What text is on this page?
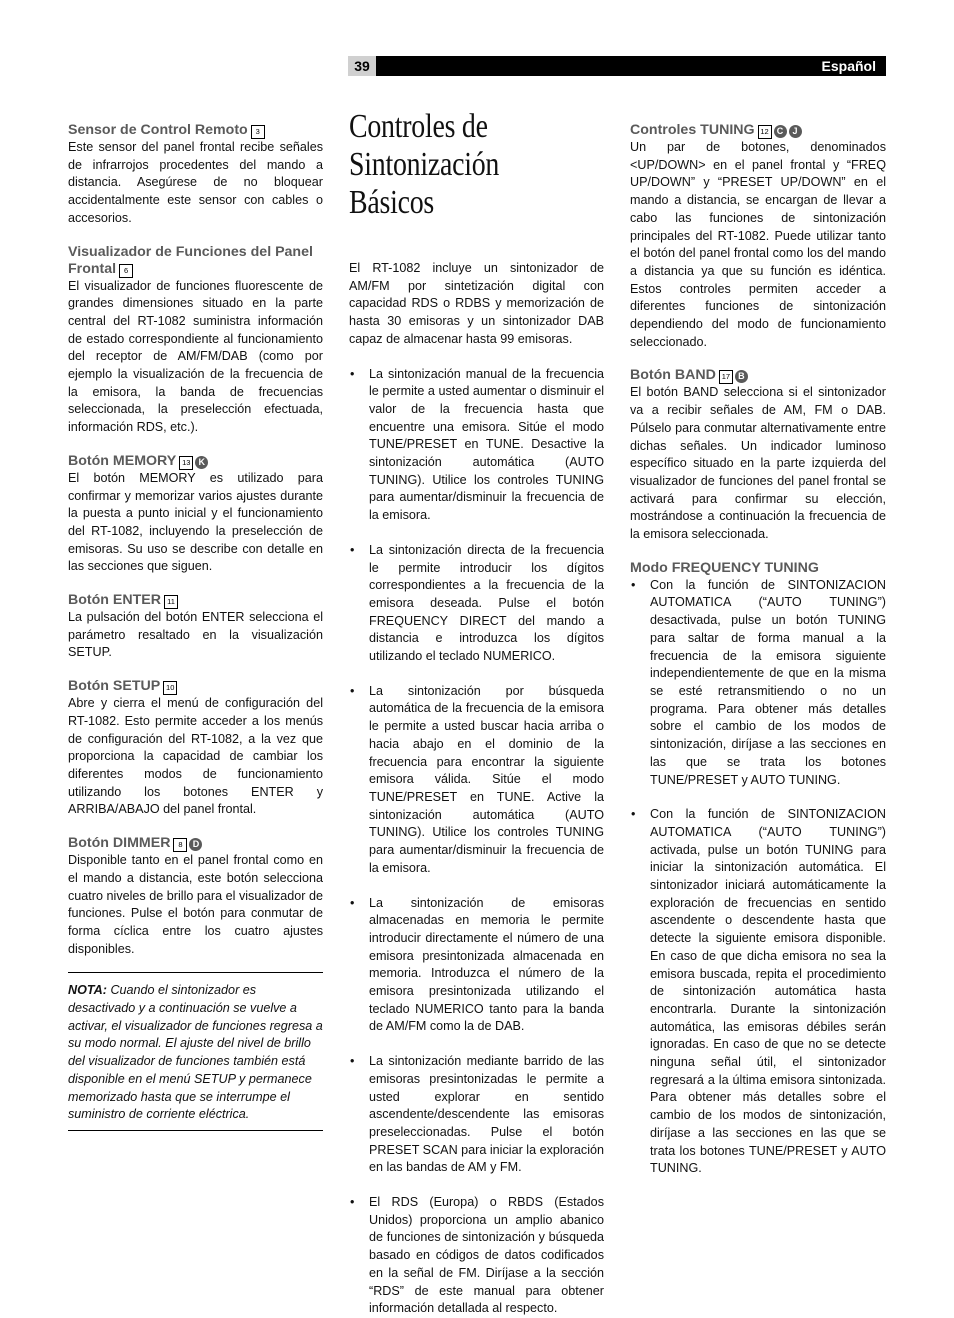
39	Español
Sensor de Control Remoto 3

Este sensor del panel frontal recibe señales de infrarrojos procedentes del mando a distancia. Asegúrese de no bloquear accidentalmente este sensor con cables o accesorios.

Visualizador de Funciones del Panel Frontal 6

El visualizador de funciones fluorescente de grandes dimensiones situado en la parte central del RT-1082 suministra información de estado correspondiente al funcionamiento del receptor de AM/FM/DAB (como por ejemplo la visualización de la frecuencia de la emisora, la banda de frecuencias seleccionada, la preselección efectuada, información RDS, etc.).

Botón MEMORY 13 K

El botón MEMORY es utilizado para confirmar y memorizar varios ajustes durante la puesta a punto inicial y el funcionamiento del RT-1082, incluyendo la preselección de emisoras. Su uso se describe con detalle en las secciones que siguen.

Botón ENTER 11

La pulsación del botón ENTER selecciona el parámetro resaltado en la visualización SETUP.

Botón SETUP 10

Abre y cierra el menú de configuración del RT-1082. Esto permite acceder a los menús de configuración del RT-1082, a la vez que proporciona la capacidad de cambiar los diferentes modos de funcionamiento utilizando los botones ENTER y ARRIBA/ABAJO del panel frontal.

Botón DIMMER 8 D

Disponible tanto en el panel frontal como en el mando a distancia, este botón selecciona cuatro niveles de brillo para el visualizador de funciones. Pulse el botón para conmutar de forma cíclica entre los cuatro ajustes disponibles.

NOTA: Cuando el sintonizador es desactivado y a continuación se vuelve a activar, el visualizador de funciones regresa a su modo normal. El ajuste del nivel de brillo del visualizador de funciones también está disponible en el menú SETUP y permanece memorizado hasta que se interrumpe el suministro de corriente eléctrica.
Controles de
Sintonización Básicos

El RT-1082 incluye un sintonizador de AM/FM por sintetización digital con capacidad RDS o RDBS y memorización de hasta 30 emisoras y un sintonizador DAB capaz de almacenar hasta 99 emisoras.

• La sintonización manual de la frecuencia le permite a usted aumentar o disminuir el valor de la frecuencia hasta que encuentre una emisora. Sitúe el modo TUNE/PRESET en TUNE. Desactive la sintonización automática (AUTO TUNING). Utilice los controles TUNING para aumentar/disminuir la frecuencia de la emisora.
• La sintonización directa de la frecuencia le permite introducir los dígitos correspondientes a la frecuencia de la emisora deseada. Pulse el botón FREQUENCY DIRECT del mando a distancia e introduzca los dígitos utilizando el teclado NUMERICO.
• La sintonización por búsqueda automática de la frecuencia de la emisora le permite a usted buscar hacia arriba o hacia abajo en el dominio de la frecuencia para encontrar la siguiente emisora válida. Sitúe el modo TUNE/PRESET en TUNE. Active la sintonización automática (AUTO TUNING). Utilice los controles TUNING para aumentar/disminuir la frecuencia de la emisora.
• La sintonización de emisoras almacenadas en memoria le permite introducir directamente el número de una emisora presintonizada almacenada en memoria. Introduzca el número de la emisora presintonizada utilizando el teclado NUMERICO tanto para la banda de AM/FM como la de DAB.
• La sintonización mediante barrido de las emisoras presintonizadas le permite a usted explorar en sentido ascendente/descendente las emisoras preseleccionadas. Pulse el botón PRESET SCAN para iniciar la exploración en las bandas de AM y FM.
• El RDS (Europa) o RBDS (Estados Unidos) proporciona un amplio abanico de funciones de sintonización y búsqueda basado en códigos de datos codificados en la señal de FM. Diríjase a la sección “RDS” de este manual para obtener información detallada al respecto.
Controles TUNING 12 C J

Un par de botones, denominados <UP/DOWN> en el panel frontal y “FREQ UP/DOWN” y “PRESET UP/DOWN” en el mando a distancia, se encargan de llevar a cabo las funciones de sintonización principales del RT-1082. Puede utilizar tanto el botón del panel frontal como los del mando a distancia ya que su función es idéntica. Estos controles permiten acceder a diferentes funciones de sintonización dependiendo del modo de funcionamiento seleccionado.

Botón BAND 17 B

El botón BAND selecciona si el sintonizador va a recibir señales de AM, FM o DAB. Púlselo para conmutar alternativamente entre dichas señales. Un indicador luminoso específico situado en la parte izquierda del visualizador de funciones del panel frontal se activará para confirmar su elección, mostrándose a continuación la frecuencia de la emisora seleccionada.

Modo FREQUENCY TUNING
• Con la función de SINTONIZACION AUTOMATICA (“AUTO TUNING”) desactivada, pulse un botón TUNING para saltar de forma manual a la frecuencia de la emisora siguiente independientemente de que en la misma se esté retransmitiendo o no un programa. Para obtener más detalles sobre el cambio de los modos de sintonización, diríjase a las secciones en las que se trata los botones TUNE/PRESET y AUTO TUNING.
• Con la función de SINTONIZACION AUTOMATICA (“AUTO TUNING”) activada, pulse un botón TUNING para iniciar la sintonización automática. El sintonizador iniciará automáticamente la exploración de frecuencias en sentido ascendente o descendente hasta que detecte la siguiente emisora disponible. En caso de que dicha emisora no sea la emisora buscada, repita el procedimiento de sintonización automática hasta encontrarla. Durante la sintonización automática, las emisoras débiles serán ignoradas. En caso de que no se detecte ninguna señal útil, el sintonizador regresará a la última emisora sintonizada. Para obtener más detalles sobre el cambio de los modos de sintonización, diríjase a las secciones en las que se trata los botones TUNE/PRESET y AUTO TUNING.
